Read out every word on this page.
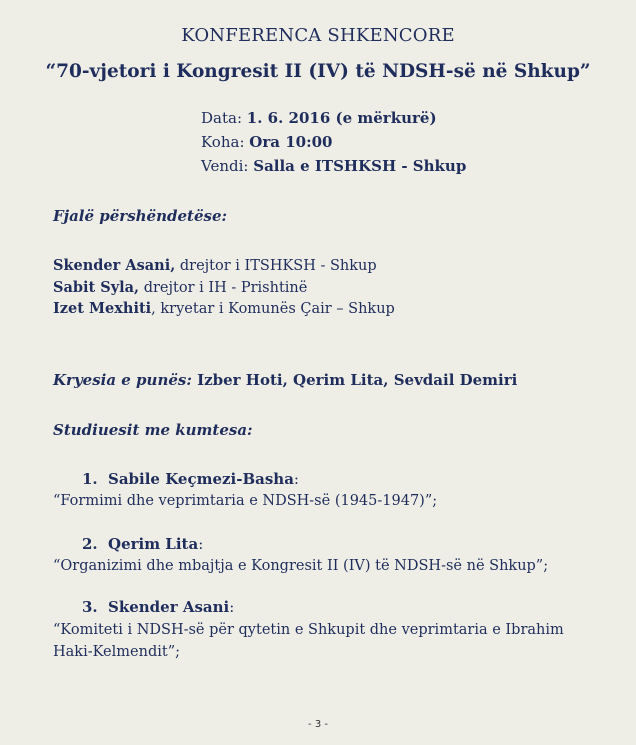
KONFERENCA SHKENCORE
“70-vjetori i Kongresit II (IV) të NDSH-së në Shkup”
Data: 1. 6. 2016 (e mërkurë)
Koha: Ora 10:00
Vendi: Salla e ITSHKSH - Shkup
Fjalë përshëndetëse:
Skender Asani, drejtor i ITSHKSH - Shkup
Sabit Syla, drejtor i IH - Prishtinë
Izet Mexhiti, kryetar i Komunës Çair – Shkup
Kryesia e punës: Izber Hoti, Qerim Lita, Sevdail Demiri
Studiuesit me kumtesa:
1. Sabile Keçmezi-Basha:
“Formimi dhe veprimtaria e NDSH-së (1945-1947)”;
2. Qerim Lita:
“Organizimi dhe mbajtja e Kongresit II (IV) të NDSH-së në Shkup”;
3. Skender Asani:
“Komiteti i NDSH-së për qytetin e Shkupit dhe veprimtaria e Ibrahim Haki-Kelmendit”;
- 3 -
